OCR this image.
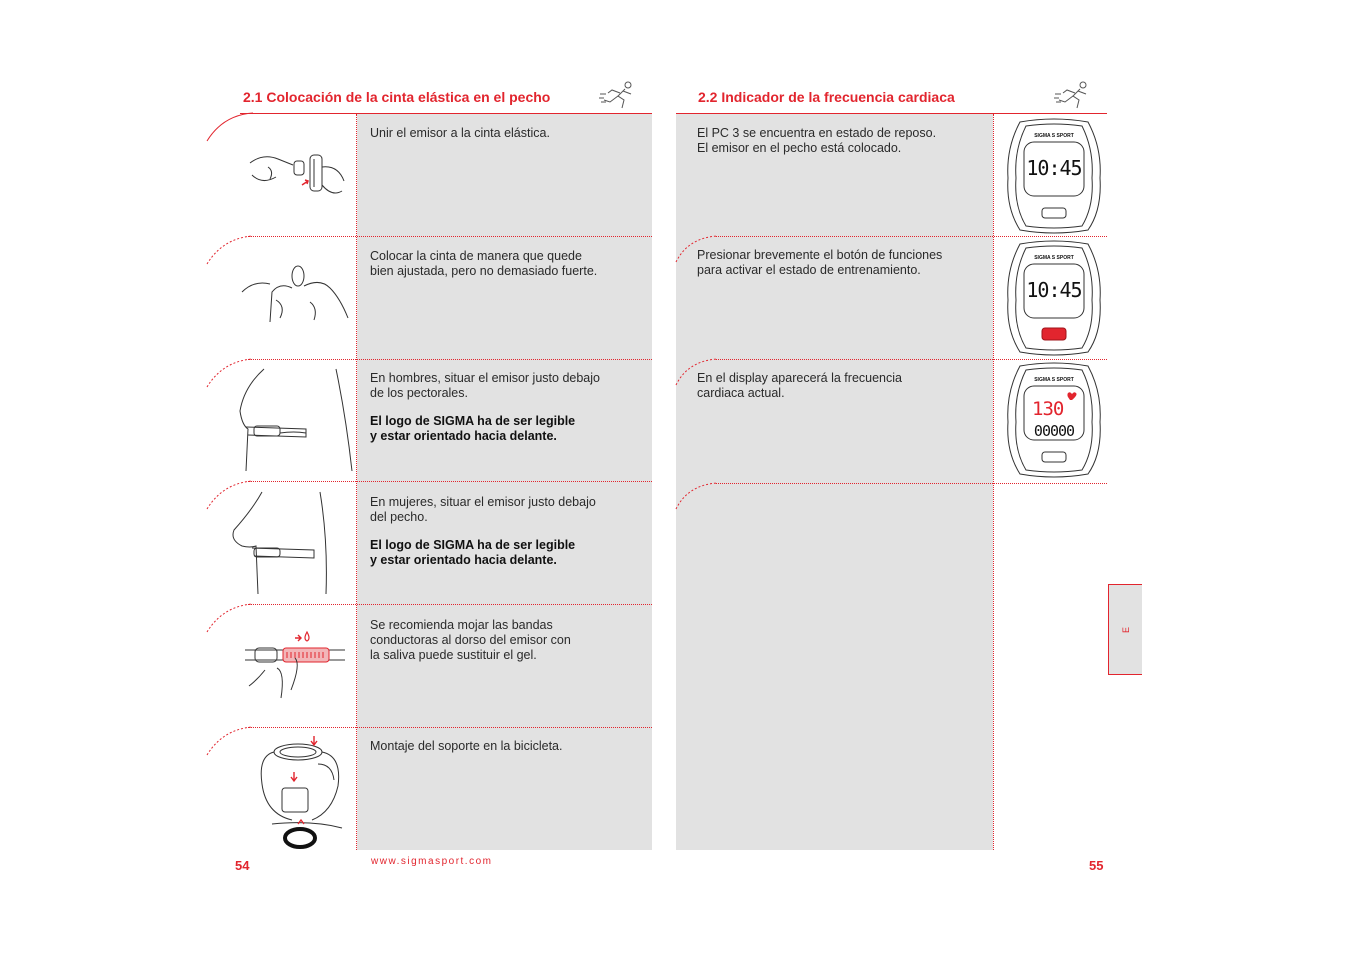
2.1 Colocación de la cinta elástica en el pecho

Unir el emisor a la cinta elástica.

Colocar la cinta de manera que quede
bien ajustada, pero no demasiado fuerte.

En hombres, situar el emisor justo debajo
de los pectorales.

El logo de SIGMA ha de ser legible
y estar orientado hacia delante.

En mujeres, situar el emisor justo debajo
del pecho.

El logo de SIGMA ha de ser legible
y estar orientado hacia delante.

Se recomienda mojar las bandas
conductoras al dorso del emisor con
la saliva puede sustituir el gel.

Montaje del soporte en la bicicleta.

54	www.sigmasport.com
2.2 Indicador de la frecuencia cardiaca
El PC 3 se encuentra en estado de reposo.
El emisor en el pecho está colocado.
Presionar brevemente el botón de funciones
para activar el estado de entrenamiento.
En el display aparecerá la frecuencia
cardiaca actual.
SIGMA S SPORT
10:45
SIGMA S SPORT
10:45
SIGMA S SPORT
130
00000
E
55
